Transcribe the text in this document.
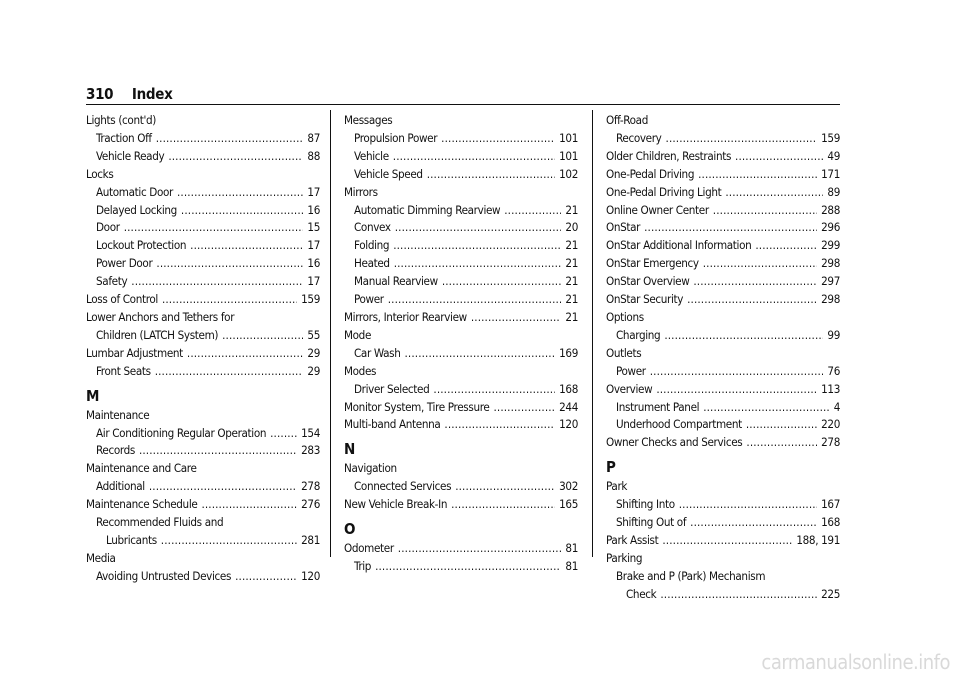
310 Index
Lights (cont'd)
Traction Off . . .	87
Vehicle Ready . . .	88
Locks
Automatic Door . . .	17
Delayed Locking . . .	16
Door . . .	15
Lockout Protection . . .	17
Power Door . . .	16
Safety . . .	17
Loss of Control . . .	159
Lower Anchors and Tethers for
Children (LATCH System) . . .	55
Lumbar Adjustment . . .	29
Front Seats . . .	29
M
Maintenance
Air Conditioning Regular Operation . . .	154
Records . . .	283
Maintenance and Care
Additional . . .	278
Maintenance Schedule . . .	276
Recommended Fluids and
Lubricants . . .	281
Media
Avoiding Untrusted Devices . . .	120
Messages
Propulsion Power . . .	101
Vehicle . . .	101
Vehicle Speed . . .	102
Mirrors
Automatic Dimming Rearview . . .	21
Convex . . .	20
Folding . . .	21
Heated . . .	21
Manual Rearview . . .	21
Power . . .	21
Mirrors, Interior Rearview . . .	21
Mode
Car Wash . . .	169
Modes
Driver Selected . . .	168
Monitor System, Tire Pressure . . .	244
Multi-band Antenna . . .	120
N
Navigation
Connected Services . . .	302
New Vehicle Break-In . . .	165
O
Odometer . . .	81
Trip . . .	81
Off-Road
Recovery . . .	159
Older Children, Restraints . . .	49
One-Pedal Driving . . .	171
One-Pedal Driving Light . . .	89
Online Owner Center . . .	288
OnStar . . .	296
OnStar Additional Information . . .	299
OnStar Emergency . . .	298
OnStar Overview . . .	297
OnStar Security . . .	298
Options
Charging . . .	99
Outlets
Power . . .	76
Overview . . .	113
Instrument Panel . . .	4
Underhood Compartment . . .	220
Owner Checks and Services . . .	278
P
Park
Shifting Into . . .	167
Shifting Out of . . .	168
Park Assist . . .	188, 191
Parking
Brake and P (Park) Mechanism
Check . . .	225
carmanualsonline.info
